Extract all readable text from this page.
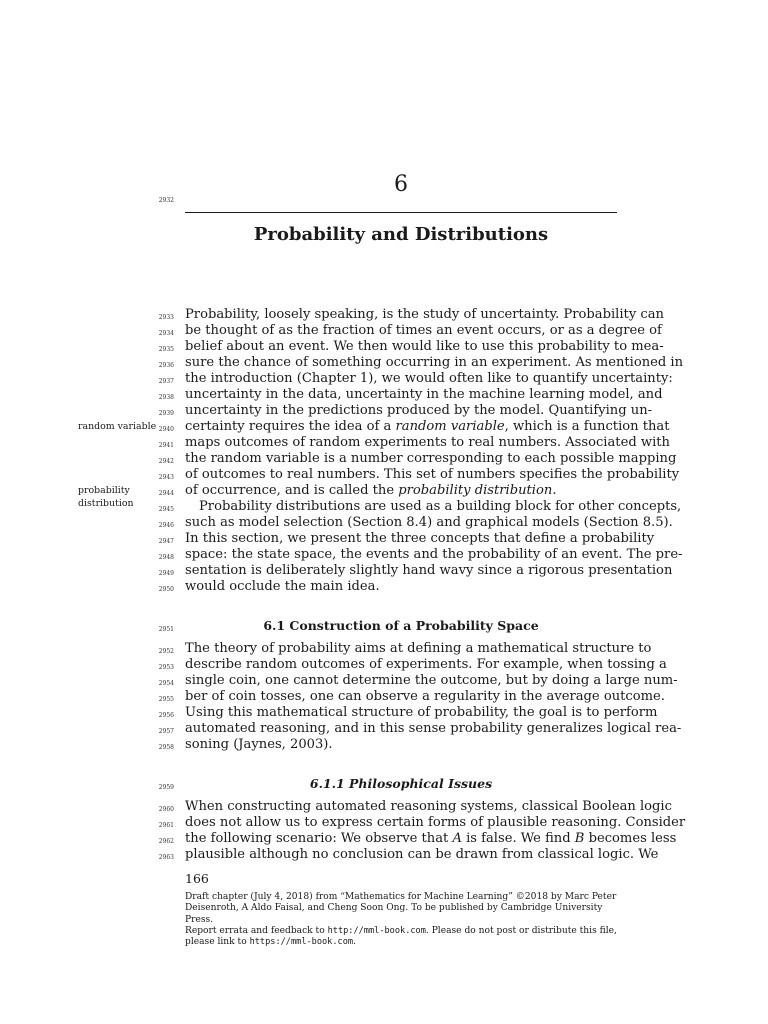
2932
6
Probability and Distributions
random variable
probability
distribution
2933 Probability, loosely speaking, is the study of uncertainty. Probability can
2934 be thought of as the fraction of times an event occurs, or as a degree of
2935 belief about an event. We then would like to use this probability to mea-
2936 sure the chance of something occurring in an experiment. As mentioned in
2937 the introduction (Chapter 1), we would often like to quantify uncertainty:
2938 uncertainty in the data, uncertainty in the machine learning model, and
2939 uncertainty in the predictions produced by the model. Quantifying un-
2940 certainty requires the idea of a random variable, which is a function that
2941 maps outcomes of random experiments to real numbers. Associated with
2942 the random variable is a number corresponding to each possible mapping
2943 of outcomes to real numbers. This set of numbers specifies the probability
2944 of occurrence, and is called the probability distribution.
2945	Probability distributions are used as a building block for other concepts,
2946 such as model selection (Section 8.4) and graphical models (Section 8.5).
2947 In this section, we present the three concepts that define a probability
2948 space: the state space, the events and the probability of an event. The pre-
2949 sentation is deliberately slightly hand wavy since a rigorous presentation
2950 would occlude the main idea.
2951	6.1 Construction of a Probability Space
2952 The theory of probability aims at defining a mathematical structure to
2953 describe random outcomes of experiments. For example, when tossing a
2954 single coin, one cannot determine the outcome, but by doing a large num-
2955 ber of coin tosses, one can observe a regularity in the average outcome.
2956 Using this mathematical structure of probability, the goal is to perform
2957 automated reasoning, and in this sense probability generalizes logical rea-
2958 soning (Jaynes, 2003).
2959	6.1.1 Philosophical Issues
2960 When constructing automated reasoning systems, classical Boolean logic
2961 does not allow us to express certain forms of plausible reasoning. Consider
2962 the following scenario: We observe that A is false. We find B becomes less
2963 plausible although no conclusion can be drawn from classical logic. We
166
Draft chapter (July 4, 2018) from “Mathematics for Machine Learning” ©2018 by Marc Peter
Deisenroth, A Aldo Faisal, and Cheng Soon Ong. To be published by Cambridge University Press.
Report errata and feedback to http://mml-book.com. Please do not post or distribute this file,
please link to https://mml-book.com.
